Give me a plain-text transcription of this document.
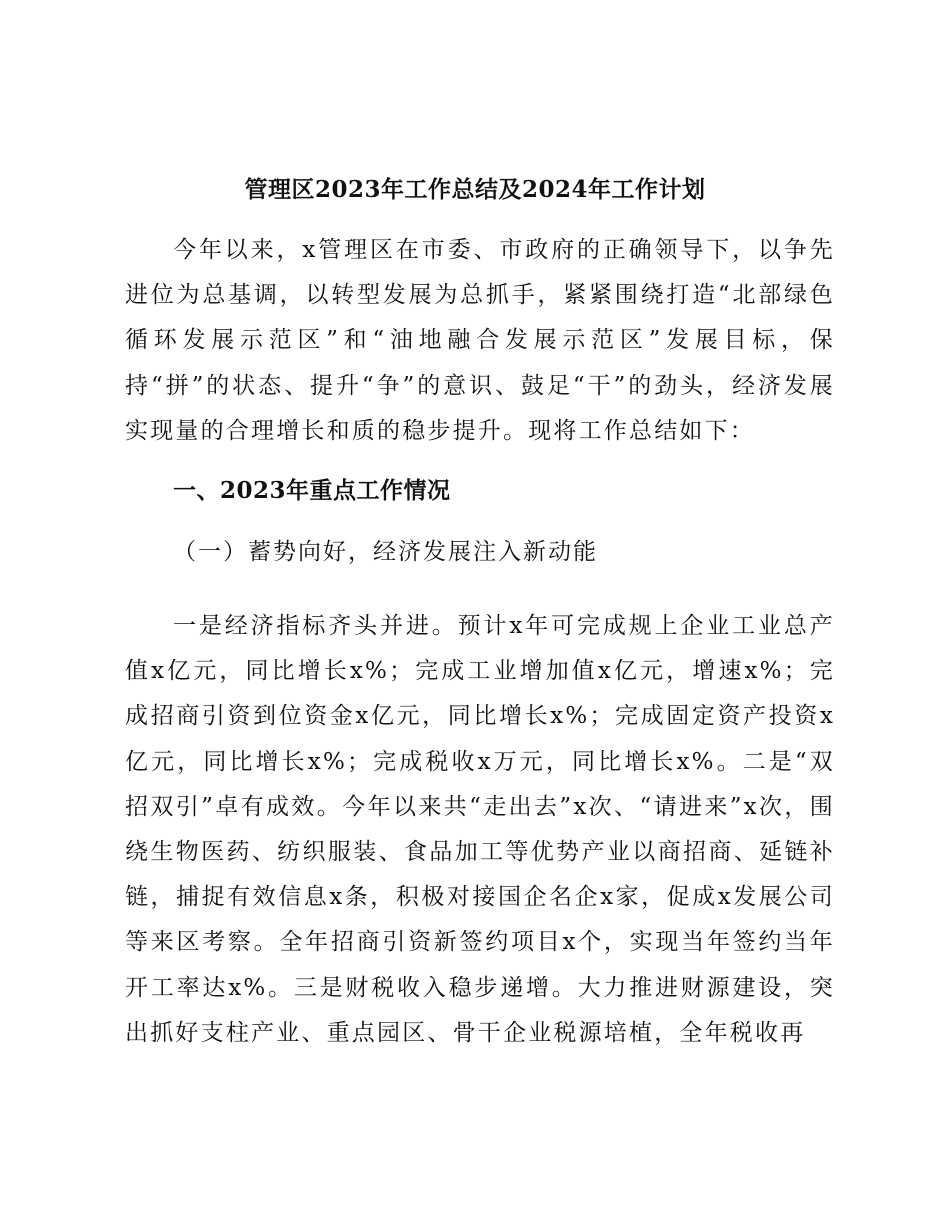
管理区2023年工作总结及2024年工作计划
今年以来，x管理区在市委、市政府的正确领导下，以争先进位为总基调，以转型发展为总抓手，紧紧围绕打造“北部绿色循环发展示范区”和“油地融合发展示范区”发展目标，保持“拼”的状态、提升“争”的意识、鼓足“干”的劲头，经济发展实现量的合理增长和质的稳步提升。现将工作总结如下：
一、2023年重点工作情况
（一）蓄势向好，经济发展注入新动能
一是经济指标齐头并进。预计x年可完成规上企业工业总产值x亿元，同比增长x%；完成工业增加值x亿元，增速x%；完成招商引资到位资金x亿元，同比增长x%；完成固定资产投资x亿元，同比增长x%；完成税收x万元，同比增长x%。二是“双招双引”卓有成效。今年以来共“走出去”x次、“请进来”x次，围绕生物医药、纺织服装、食品加工等优势产业以商招商、延链补链，捕捉有效信息x条，积极对接国企名企x家，促成x发展公司等来区考察。全年招商引资新签约项目x个，实现当年签约当年开工率达x%。三是财税收入稳步递增。大力推进财源建设，突出抓好支柱产业、重点园区、骨干企业税源培植，全年税收再
